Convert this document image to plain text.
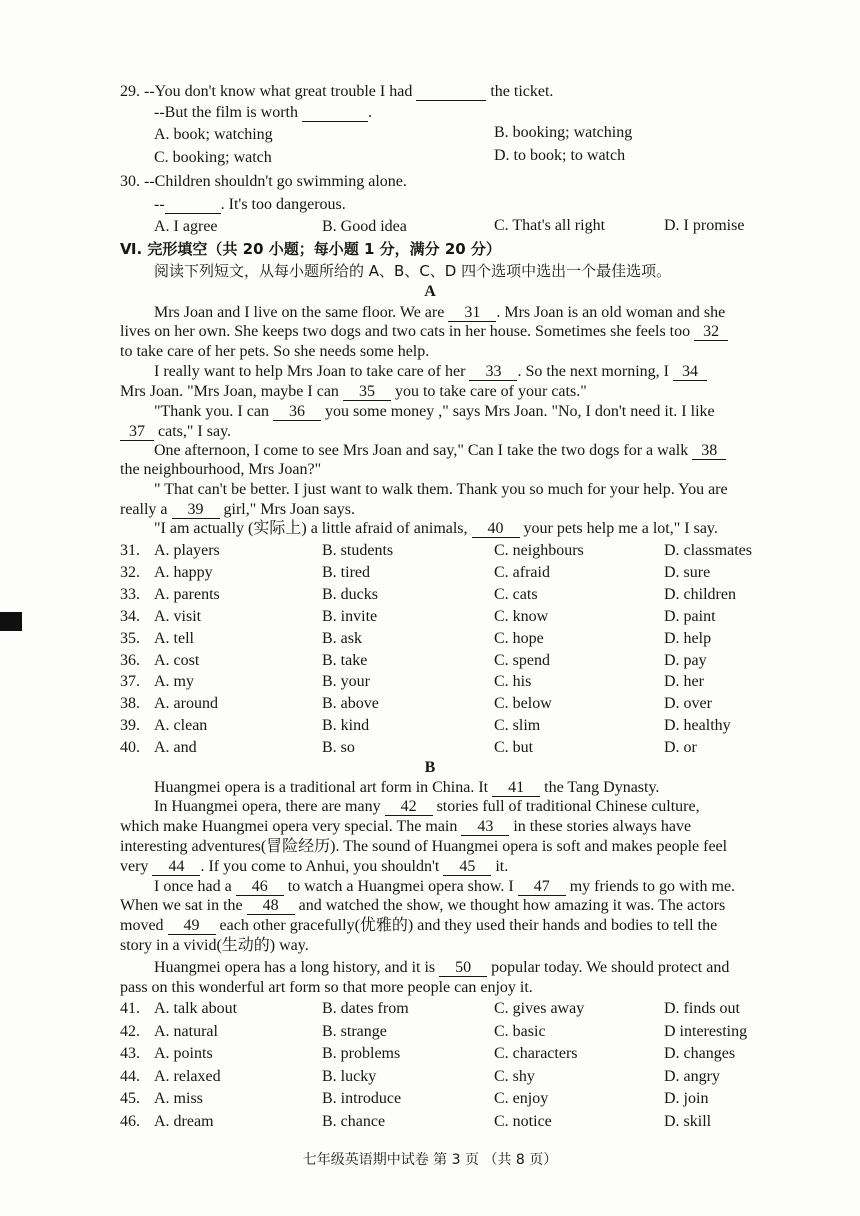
29. --You don't know what great trouble I had	the ticket.
--But the film is worth	.
A. book; watching	B. booking; watching
C. booking; watch	D. to book; to watch
30. --Children shouldn't go swimming alone.
--	. It's too dangerous.
A. I agree	B. Good idea	C. That's all right	D. I promise
Ⅵ. 完形填空（共 20 小题；每小题 1 分，满分 20 分）
阅读下列短文，从每小题所给的 A、B、C、D 四个选项中选出一个最佳选项。
A
Mrs Joan and I live on the same floor. We are 31 . Mrs Joan is an old woman and she
lives on her own. She keeps two dogs and two cats in her house. Sometimes she feels too 32
to take care of her pets. So she needs some help.
I really want to help Mrs Joan to take care of her 33 . So the next morning, I 34
Mrs Joan. "Mrs Joan, maybe I can 35 you to take care of your cats."
"Thank you. I can 36 you some money ," says Mrs Joan. "No, I don't need it. I like
37 cats," I say.
One afternoon, I come to see Mrs Joan and say," Can I take the two dogs for a walk 38
the neighbourhood, Mrs Joan?"
" That can't be better. I just want to walk them. Thank you so much for your help. You are
really a 39 girl," Mrs Joan says.
"I am actually (实际上) a little afraid of animals, 40 your pets help me a lot," I say.
31. A. players	B. students	C. neighbours	D. classmates
32. A. happy	B. tired	C. afraid	D. sure
33. A. parents	B. ducks	C. cats	D. children
34. A. visit	B. invite	C. know	D. paint
35. A. tell	B. ask	C. hope	D. help
36. A. cost	B. take	C. spend	D. pay
37. A. my	B. your	C. his	D. her
38. A. around	B. above	C. below	D. over
39. A. clean	B. kind	C. slim	D. healthy
40. A. and	B. so	C. but	D. or
B
Huangmei opera is a traditional art form in China. It 41 the Tang Dynasty.
In Huangmei opera, there are many 42 stories full of traditional Chinese culture,
which make Huangmei opera very special. The main 43 in these stories always have
interesting adventures(冒险经历). The sound of Huangmei opera is soft and makes people feel
very 44 . If you come to Anhui, you shouldn't 45 it.
I once had a 46 to watch a Huangmei opera show. I 47 my friends to go with me.
When we sat in the 48 and watched the show, we thought how amazing it was. The actors
moved 49 each other gracefully(优雅的) and they used their hands and bodies to tell the
story in a vivid(生动的) way.
Huangmei opera has a long history, and it is 50 popular today. We should protect and
pass on this wonderful art form so that more people can enjoy it.
41. A. talk about	B. dates from	C. gives away	D. finds out
42. A. natural	B. strange	C. basic	D interesting
43. A. points	B. problems	C. characters	D. changes
44. A. relaxed	B. lucky	C. shy	D. angry
45. A. miss	B. introduce	C. enjoy	D. join
46. A. dream	B. chance	C. notice	D. skill
七年级英语期中试卷 第 3 页 （共 8 页）
